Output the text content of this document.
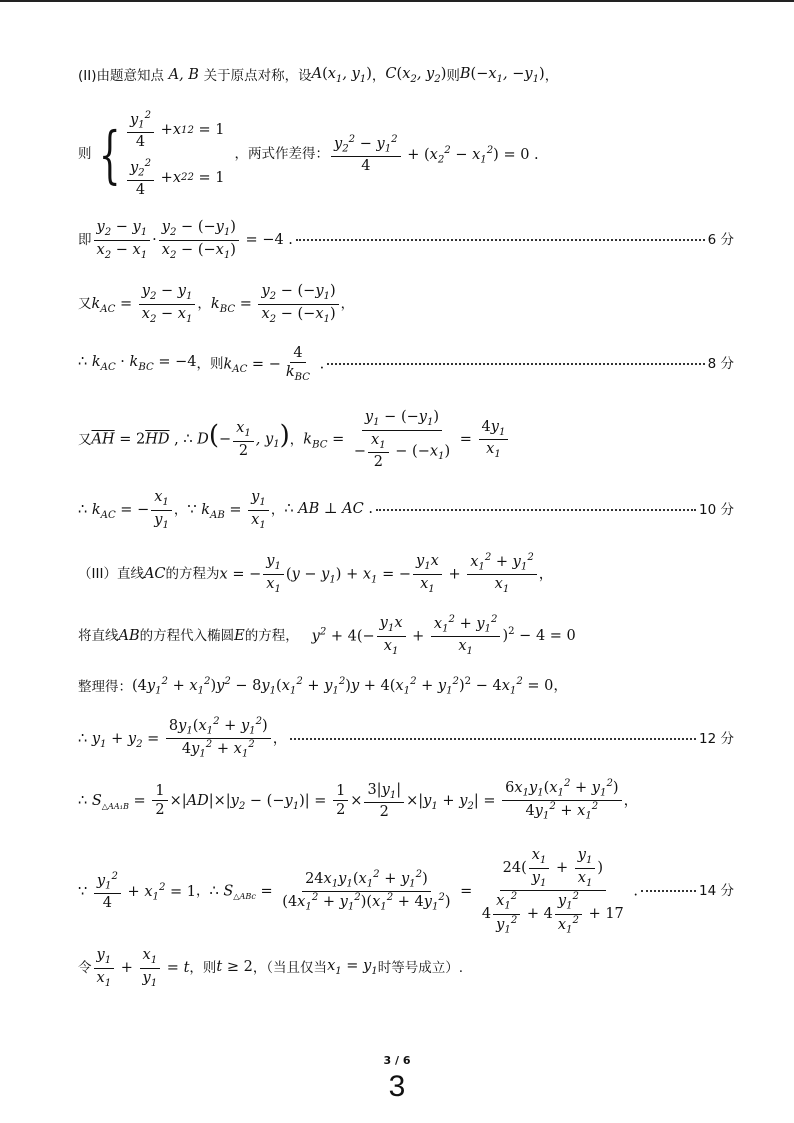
(II)由题意知点 A, B 关于原点对称，设 $A(x_1$, $y_1$) ， $C(x_2$, $y_2$) 则 $B(-x_1$, $-y_1$) ，
则 { $\frac{y_1^2}{4} + x$ 1 2 = 1
$\frac{y_2^2}{4} + x$ 2 2 = 1
，两式作差得： $\frac{y_2^2 - y_1^2}{4} + (x_2^2 - x_1^2) = 0$ .
即 $\frac{y_2 - y_1}{x_2 - x_1} \cdot \frac{y_2 - (-y_1)}{x_2 - (-x_1)} = -4$ .	6 分
又 $k_{AC} = \frac{y_2 - y_1}{x_2 - x_1}$ ， $k_{BC} = \frac{y_2 - (-y_1)}{x_2 - (-x_1)}$ ，
∴ $k_{AC} \cdot k_{BC} = -4$ ，则 $k_{AC}$ = − $\frac{4}{k_{BC}}$ .	8 分
又 $\overline{AH} = 2\overline{HD}$ , ∴ $D(- \frac{x_1}{2}$ , $y_1$) ， $k_{BC} = \frac{y_1 - (-y_1)}{- \frac{x_1}{2} - (-x_1)} = \frac{4y_1}{x_1}$
∴ $k_{AC}$ = − $\frac{x_1}{y_1}$ ， ∵ $k_{AB} = \frac{y_1}{x_1}$ ， ∴ AB ⊥ AC .	10 分
（III）直线 AC 的方程为 x = − $\frac{y_1}{x_1} (y - y_1) + x_1$ = − $\frac{y_1x}{x_1} + \frac{x_1^2 + y_1^2}{x_1}$ ，
将直线 AB 的方程代入椭圆 E 的方程， $y^2 + 4(- \frac{y_1x}{x_1} + \frac{x_1^2 + y_1^2}{x_1} )^2 - 4 = 0$
整理得： $(4y_1^2 + x_1^2)y^2 - 8y_1(x_1^2 + y_1^2)y + 4(x_1^2 + y_1^2)^2 - 4x_1^2 = 0$，
∴ $y_1 + y_2 = \frac{8y_1(x_1^2 + y_1^2)}{4y_1^2 + x_1^2}$ ，	12 分
∴ $S_{\triangle AA_1B} = \frac{1}{2} \times|AD|\times|y_2 - (-y_1)| = \frac{1}{2} \times \frac{3|y_1|}{2} \times|y_1 + y_2| = \frac{6x_1y_1(x_1^2 + y_1^2)}{4y_1^2 + x_1^2}$ ，
∵ $\frac{y_1^2}{4} + x_1^2 = 1$ ， ∴ $S_{\triangle ABc} = \frac{24x_1y_1(x_1^2 + y_1^2)}{(4x_1^2 + y_1^2)(x_1^2 + 4y_1^2)} = \frac{24( \frac{x_1}{y_1} + \frac{y_1}{x_1} )}{4 \frac{x_1^2}{y_1^2} + 4 \frac{y_1^2}{x_1^2} + 17}$ .	14 分
令 $\frac{y_1}{x_1} + \frac{x_1}{y_1} = t$ ，则 t ≥ 2 ，（当且仅当 $x_1 = y_1$ 时等号成立）.
3 / 6
3
